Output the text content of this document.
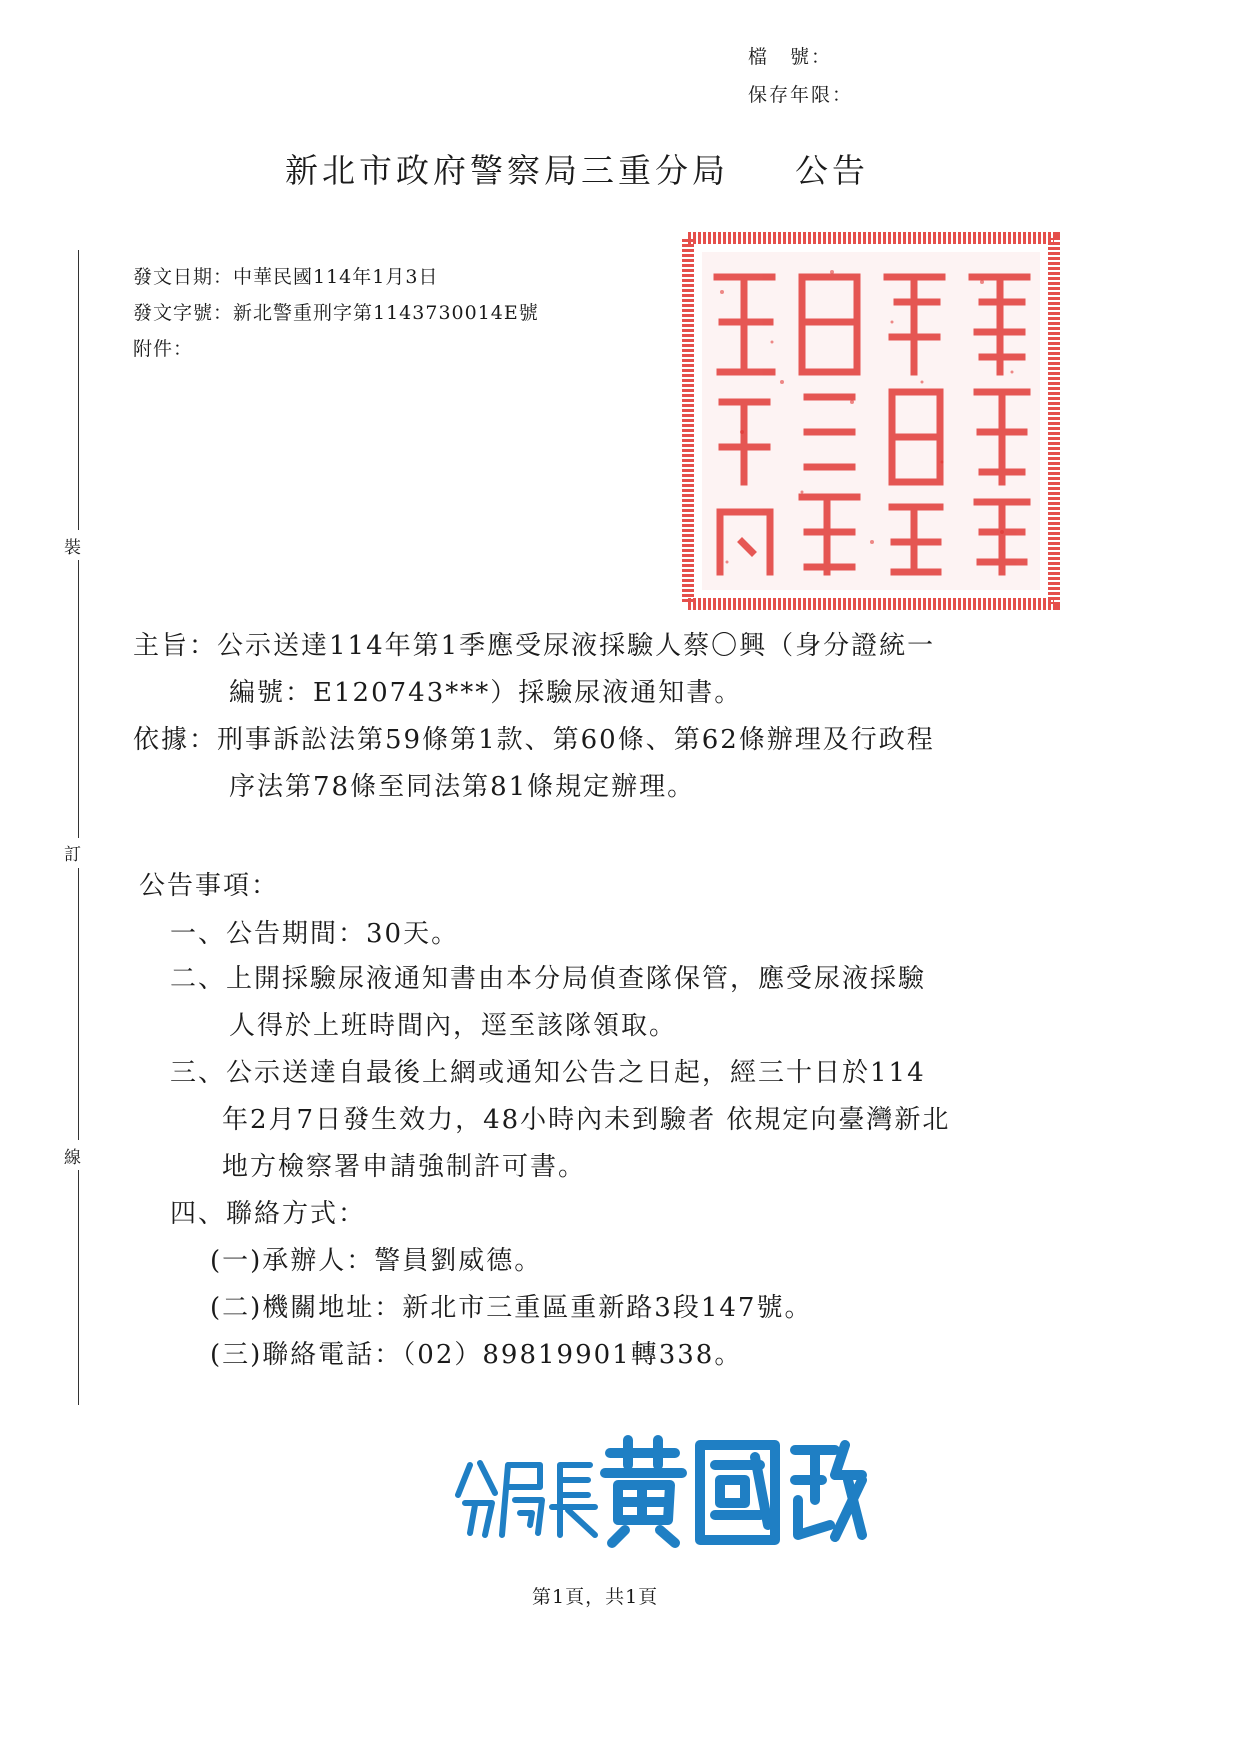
檔　號：
保存年限：
新北市政府警察局三重分局 公告
發文日期：中華民國114年1月3日
發文字號：新北警重刑字第1143730014E號
附件：
裝
訂
線
主旨：公示送達114年第1季應受尿液採驗人蔡〇興（身分證統一
編號：E120743***）採驗尿液通知書。
依據：刑事訴訟法第59條第1款、第60條、第62條辦理及行政程
序法第78條至同法第81條規定辦理。
公告事項：
一、公告期間：30天。
二、上開採驗尿液通知書由本分局偵查隊保管，應受尿液採驗
人得於上班時間內，逕至該隊領取。
三、公示送達自最後上網或通知公告之日起，經三十日於114
年2月7日發生效力，48小時內未到驗者 依規定向臺灣新北
地方檢察署申請強制許可書。
四、聯絡方式：
(一)承辦人：警員劉威德。
(二)機關地址：新北市三重區重新路3段147號。
(三)聯絡電話：（02）89819901轉338。
第1頁，共1頁
